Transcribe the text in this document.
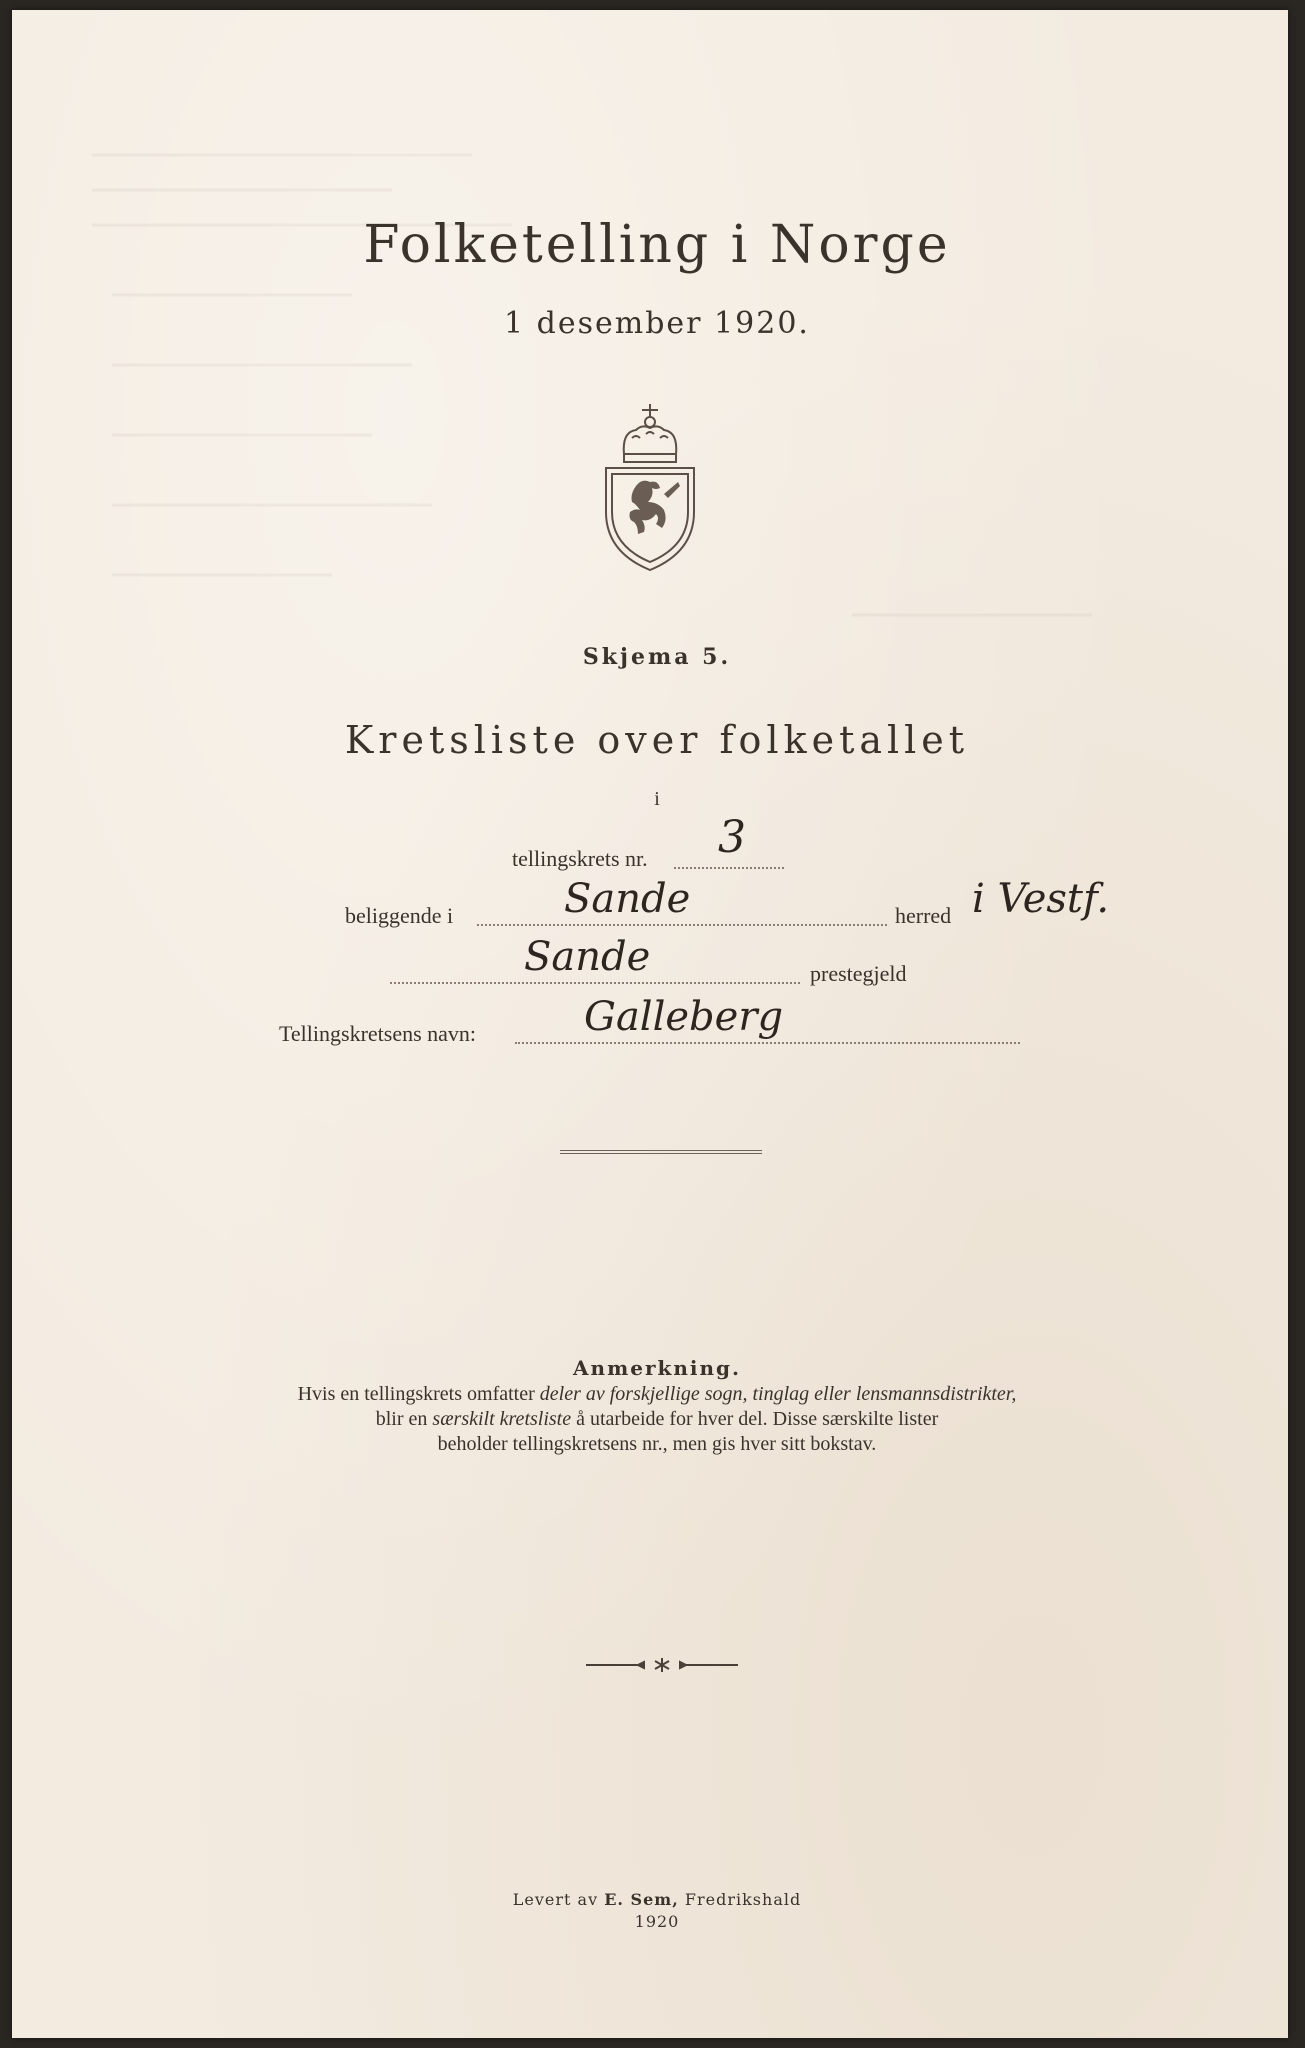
Folketelling i Norge
1 desember 1920.
Skjema 5.
Kretsliste over folketallet
i
tellingskrets nr. 3
beliggende i	Sande	herred i Vestf.
Sande	prestegjeld
Tellingskretsens navn:	Galleberg
Anmerkning.
Hvis en tellingskrets omfatter deler av forskjellige sogn, tinglag eller lensmannsdistrikter,
blir en særskilt kretsliste å utarbeide for hver del. Disse særskilte lister
beholder tellingskretsens nr., men gis hver sitt bokstav.
Levert av E. Sem, Fredrikshald
1920
